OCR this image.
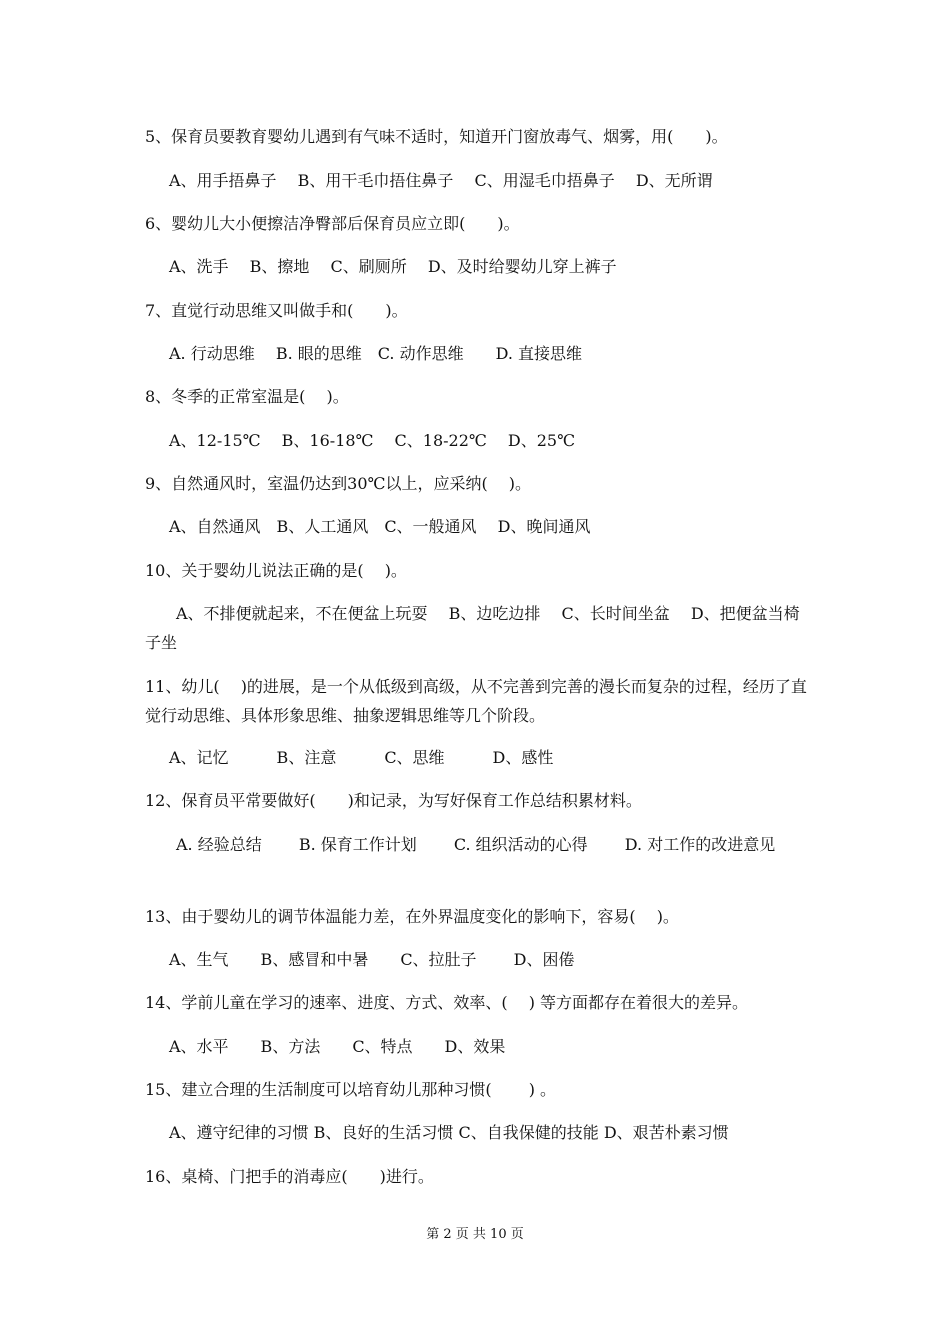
5、保育员要教育婴幼儿遇到有气味不适时，知道开门窗放毒气、烟雾，用(　　)。
A、用手捂鼻子　 B、用干毛巾捂住鼻子　 C、用湿毛巾捂鼻子　 D、无所谓
6、婴幼儿大小便擦洁净臀部后保育员应立即(　　)。
A、洗手　 B、擦地　 C、刷厕所　 D、及时给婴幼儿穿上裤子
7、直觉行动思维又叫做手和(　　)。
A. 行动思维　 B. 眼的思维　C. 动作思维　　D. 直接思维
8、冬季的正常室温是(　 )。
A、12-15℃　 B、16-18℃　 C、18-22℃　 D、25℃
9、自然通风时，室温仍达到30℃以上，应采纳(　 )。
A、自然通风　B、人工通风　C、一般通风　 D、晚间通风
10、关于婴幼儿说法正确的是(　 )。
A、不排便就起来，不在便盆上玩耍　 B、边吃边排　 C、长时间坐盆　 D、把便盆当椅子坐
11、幼儿(　 )的进展，是一个从低级到高级，从不完善到完善的漫长而复杂的过程，经历了直觉行动思维、具体形象思维、抽象逻辑思维等几个阶段。
A、记忆　　　B、注意　　　C、思维　　　D、感性
12、保育员平常要做好(　　)和记录，为写好保育工作总结积累材料。
A. 经验总结　　 B. 保育工作计划　　 C. 组织活动的心得　　 D. 对工作的改进意见
13、由于婴幼儿的调节体温能力差，在外界温度变化的影响下，容易(　 )。
A、生气　　B、感冒和中暑　　C、拉肚子　　 D、困倦
14、学前儿童在学习的速率、进度、方式、效率、(　 ) 等方面都存在着很大的差异。
A、水平　　B、方法　　C、特点　　D、效果
15、建立合理的生活制度可以培育幼儿那种习惯(　　 ) 。
A、遵守纪律的习惯 B、良好的生活习惯 C、自我保健的技能 D、艰苦朴素习惯
16、桌椅、门把手的消毒应(　　)进行。
第 2 页 共 10 页
